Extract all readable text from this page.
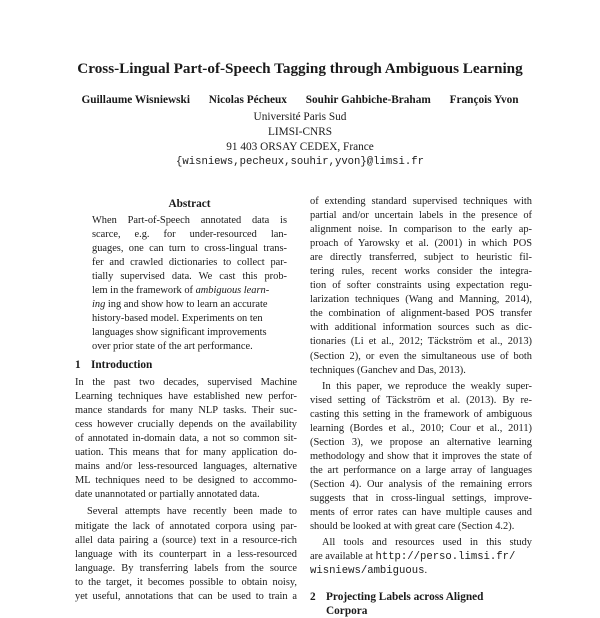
Cross-Lingual Part-of-Speech Tagging through Ambiguous Learning
Guillaume Wisniewski Nicolas Pécheux Souhir Gahbiche-Braham François Yvon
Université Paris Sud
LIMSI-CNRS
91 403 ORSAY CEDEX, France
{wisniews,pecheux,souhir,yvon}@limsi.fr
Abstract
When Part-of-Speech annotated data is
scarce, e.g. for under-resourced lan-
guages, one can turn to cross-lingual trans-
fer and crawled dictionaries to collect par-
tially supervised data. We cast this prob-
lem in the framework of ambiguous learn-
ing ing and show how to learn an accurate
history-based model. Experiments on ten
languages show significant improvements
over prior state of the art performance.
1 Introduction
In the past two decades, supervised Machine
Learning techniques have established new perfor-
mance standards for many NLP tasks. Their suc-
cess however crucially depends on the availability
of annotated in-domain data, a not so common sit-
uation. This means that for many application do-
mains and/or less-resourced languages, alternative
ML techniques need to be designed to accommo-
date unannotated or partially annotated data.
Several attempts have recently been made to
mitigate the lack of annotated corpora using par-
allel data pairing a (source) text in a resource-rich
language with its counterpart in a less-resourced
language. By transferring labels from the source
to the target, it becomes possible to obtain noisy,
yet useful, annotations that can be used to train a
of extending standard supervised techniques with
partial and/or uncertain labels in the presence of
alignment noise. In comparison to the early ap-
proach of Yarowsky et al. (2001) in which POS
are directly transferred, subject to heuristic fil-
tering rules, recent works consider the integra-
tion of softer constraints using expectation regu-
larization techniques (Wang and Manning, 2014),
the combination of alignment-based POS transfer
with additional information sources such as dic-
tionaries (Li et al., 2012; Täckström et al., 2013)
(Section 2), or even the simultaneous use of both
techniques (Ganchev and Das, 2013).
In this paper, we reproduce the weakly super-
vised setting of Täckström et al. (2013). By re-
casting this setting in the framework of ambiguous
learning (Bordes et al., 2010; Cour et al., 2011)
(Section 3), we propose an alternative learning
methodology and show that it improves the state of
the art performance on a large array of languages
(Section 4). Our analysis of the remaining errors
suggests that in cross-lingual settings, improve-
ments of error rates can have multiple causes and
should be looked at with great care (Section 4.2).
All tools and resources used in this study
are available at http://perso.limsi.fr/
wisniews/ambiguous.
2 Projecting Labels across Aligned
Corpora
